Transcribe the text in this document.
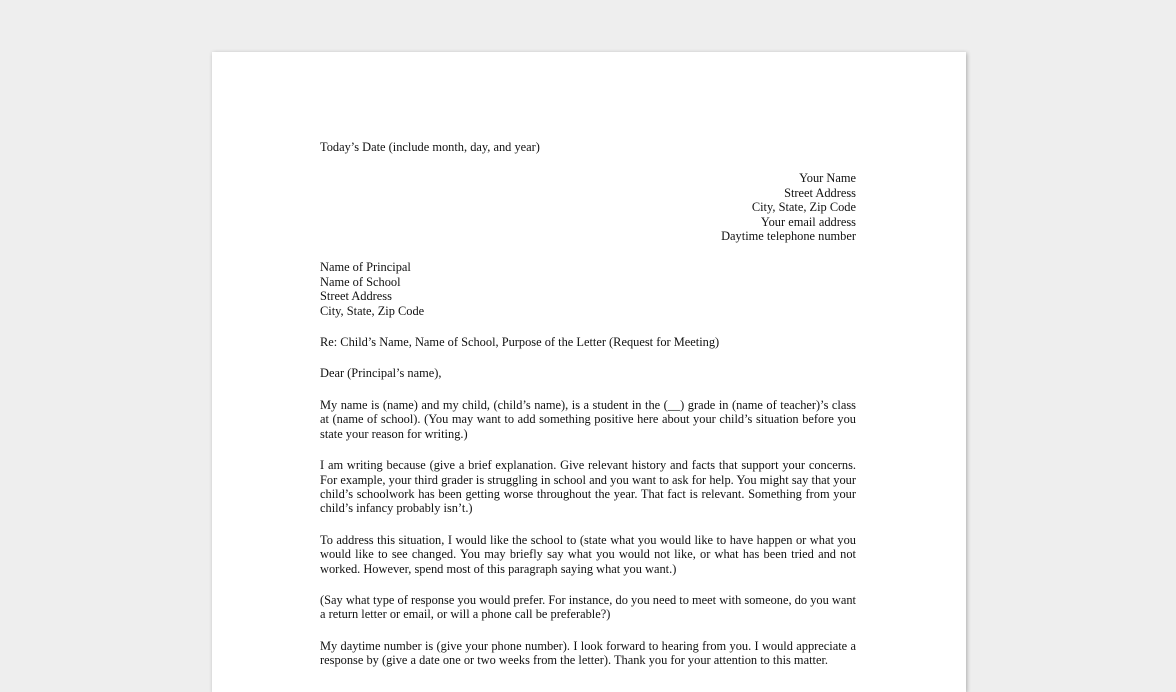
Today’s Date (include month, day, and year)
Your Name
Street Address
City, State, Zip Code
Your email address
Daytime telephone number
Name of Principal
Name of School
Street Address
City, State, Zip Code
Re: Child’s Name, Name of School, Purpose of the Letter (Request for Meeting)
Dear (Principal’s name),
My name is (name) and my child, (child’s name), is a student in the (__) grade in (name of teacher)’s class at (name of school). (You may want to add something positive here about your child’s situation before you state your reason for writing.)
I am writing because (give a brief explanation. Give relevant history and facts that support your concerns. For example, your third grader is struggling in school and you want to ask for help. You might say that your child’s schoolwork has been getting worse throughout the year. That fact is relevant. Something from your child’s infancy probably isn’t.)
To address this situation, I would like the school to (state what you would like to have happen or what you would like to see changed. You may briefly say what you would not like, or what has been tried and not worked. However, spend most of this paragraph saying what you want.)
(Say what type of response you would prefer. For instance, do you need to meet with someone, do you want a return letter or email, or will a phone call be preferable?)
My daytime number is (give your phone number). I look forward to hearing from you. I would appreciate a response by (give a date one or two weeks from the letter). Thank you for your attention to this matter.
